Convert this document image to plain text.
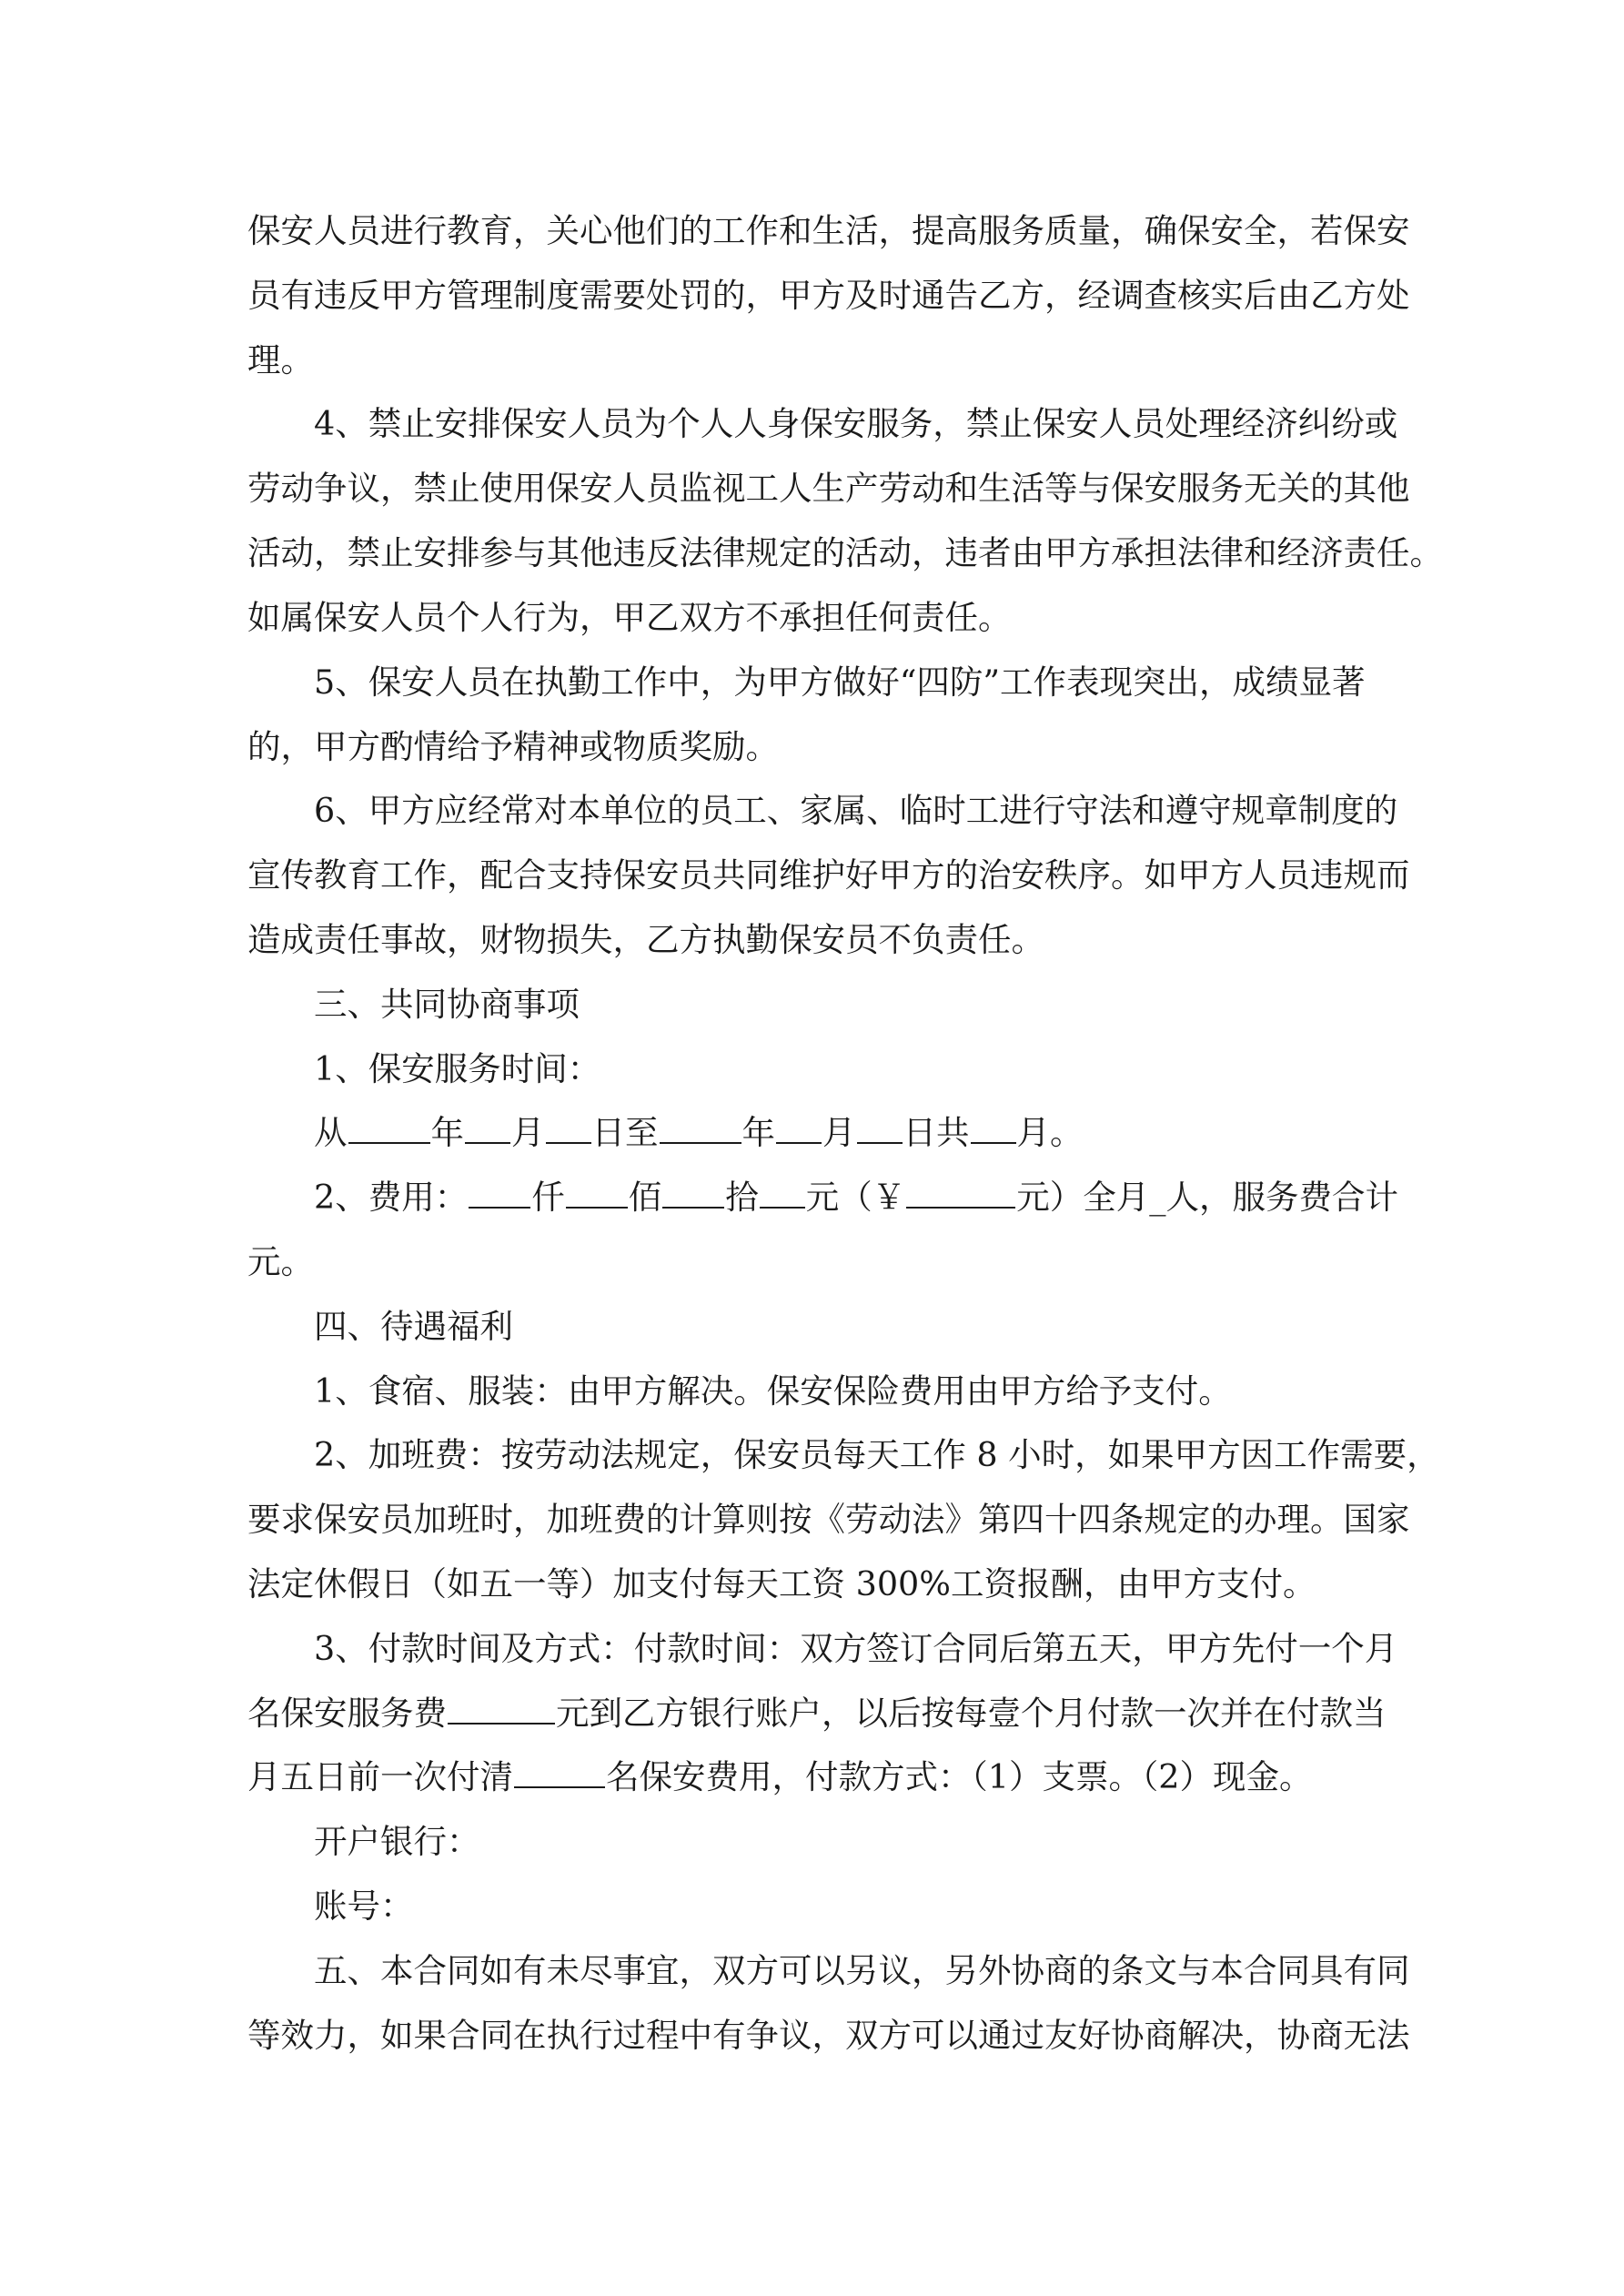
保安人员进行教育，关心他们的工作和生活，提高服务质量，确保安全，若保安
员有违反甲方管理制度需要处罚的，甲方及时通告乙方，经调查核实后由乙方处
理。
4、禁止安排保安人员为个人人身保安服务，禁止保安人员处理经济纠纷或
劳动争议，禁止使用保安人员监视工人生产劳动和生活等与保安服务无关的其他
活动，禁止安排参与其他违反法律规定的活动，违者由甲方承担法律和经济责任。
如属保安人员个人行为，甲乙双方不承担任何责任。
5、保安人员在执勤工作中，为甲方做好“四防”工作表现突出，成绩显著
的，甲方酌情给予精神或物质奖励。
6、甲方应经常对本单位的员工、家属、临时工进行守法和遵守规章制度的
宣传教育工作，配合支持保安员共同维护好甲方的治安秩序。如甲方人员违规而
造成责任事故，财物损失，乙方执勤保安员不负责任。
三、共同协商事项
1、保安服务时间：
从	年 月 日至	年 月 日共 月。
2、费用： 仟 佰 拾 元（￥	元）全月_人，服务费合计
元。
四、待遇福利
1、食宿、服装：由甲方解决。保安保险费用由甲方给予支付。
2、加班费：按劳动法规定，保安员每天工作 8 小时，如果甲方因工作需要，
要求保安员加班时，加班费的计算则按《劳动法》第四十四条规定的办理。国家
法定休假日（如五一等）加支付每天工资 300%工资报酬，由甲方支付。
3、付款时间及方式：付款时间：双方签订合同后第五天，甲方先付一个月
名保安服务费	元到乙方银行账户，以后按每壹个月付款一次并在付款当
月五日前一次付清	名保安费用，付款方式：（1）支票。（2）现金。
开户银行：
账号：
五、本合同如有未尽事宜，双方可以另议，另外协商的条文与本合同具有同
等效力，如果合同在执行过程中有争议，双方可以通过友好协商解决，协商无法
